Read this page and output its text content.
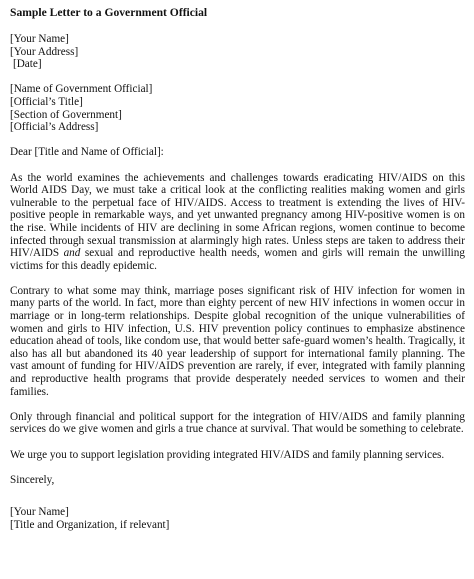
Sample Letter to a Government Official
[Your Name]
[Your Address]
[Date]
[Name of Government Official]
[Official’s Title]
[Section of Government]
[Official’s Address]
Dear [Title and Name of Official]:

As the world examines the achievements and challenges towards eradicating HIV/AIDS on this World AIDS Day, we must take a critical look at the conflicting realities making women and girls vulnerable to the perpetual face of HIV/AIDS. Access to treatment is extending the lives of HIV-positive people in remarkable ways, and yet unwanted pregnancy among HIV-positive women is on the rise. While incidents of HIV are declining in some African regions, women continue to become infected through sexual transmission at alarmingly high rates. Unless steps are taken to address their HIV/AIDS and sexual and reproductive health needs, women and girls will remain the unwilling victims for this deadly epidemic.

Contrary to what some may think, marriage poses significant risk of HIV infection for women in many parts of the world. In fact, more than eighty percent of new HIV infections in women occur in marriage or in long-term relationships. Despite global recognition of the unique vulnerabilities of women and girls to HIV infection, U.S. HIV prevention policy continues to emphasize abstinence education ahead of tools, like condom use, that would better safe-guard women’s health. Tragically, it also has all but abandoned its 40 year leadership of support for international family planning. The vast amount of funding for HIV/AIDS prevention are rarely, if ever, integrated with family planning and reproductive health programs that provide desperately needed services to women and their families.

Only through financial and political support for the integration of HIV/AIDS and family planning services do we give women and girls a true chance at survival. That would be something to celebrate.

We urge you to support legislation providing integrated HIV/AIDS and family planning services.

Sincerely,
[Your Name]
[Title and Organization, if relevant]
